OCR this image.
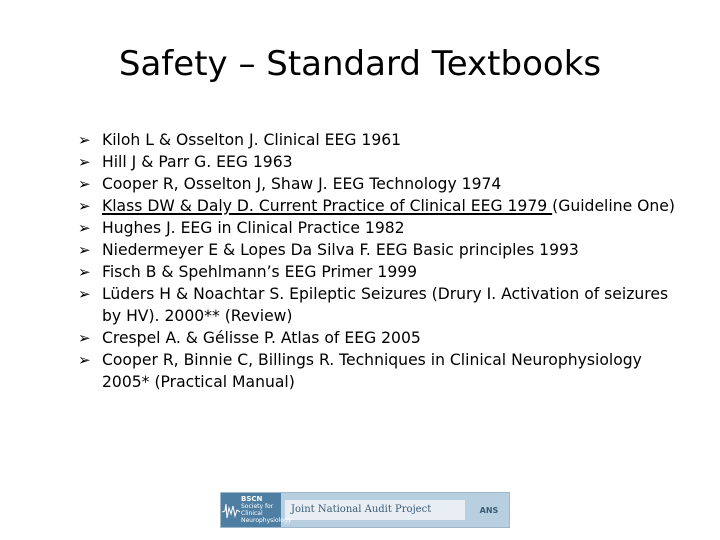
Safety – Standard Textbooks
➢ Kiloh L & Osselton J. Clinical EEG 1961
➢ Hill J & Parr G. EEG 1963
➢ Cooper R, Osselton J, Shaw J. EEG Technology 1974
➢ Klass DW & Daly D. Current Practice of Clinical EEG 1979 (Guideline One)
➢ Hughes J. EEG in Clinical Practice 1982
➢ Niedermeyer E & Lopes Da Silva F. EEG Basic principles 1993
➢ Fisch B & Spehlmann’s EEG Primer 1999
➢ Lüders H & Noachtar S. Epileptic Seizures (Drury I. Activation of seizures by HV). 2000** (Review)
➢ Crespel A. & Gélisse P. Atlas of EEG 2005
➢ Cooper R, Binnie C, Billings R. Techniques in Clinical Neurophysiology 2005* (Practical Manual)
BSCN
Society for Clinical Neurophysiology
Joint National Audit Project	ANS
